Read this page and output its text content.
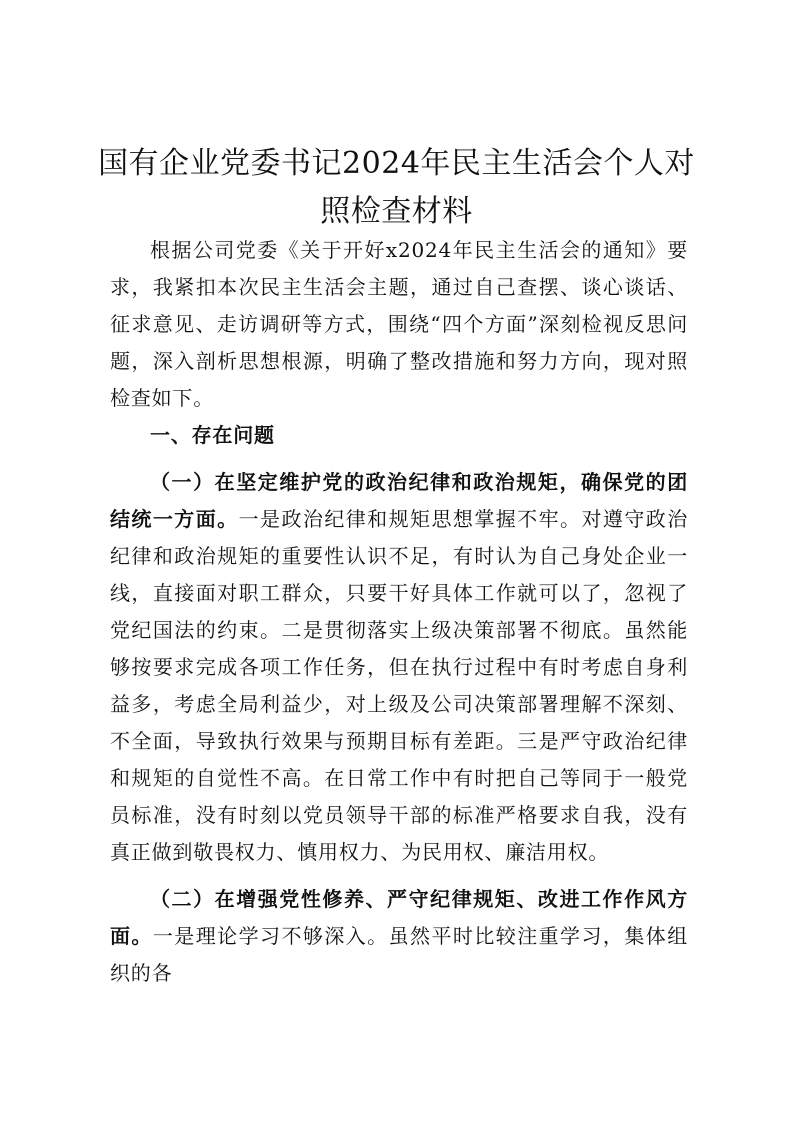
国有企业党委书记2024年民主生活会个人对
照检查材料

根据公司党委《关于开好x2024年民主生活会的通知》要求，我紧扣本次民主生活会主题，通过自己查摆、谈心谈话、征求意见、走访调研等方式，围绕“四个方面”深刻检视反思问题，深入剖析思想根源，明确了整改措施和努力方向，现对照检查如下。

一、存在问题

（一）在坚定维护党的政治纪律和政治规矩，确保党的团结统一方面。一是政治纪律和规矩思想掌握不牢。对遵守政治纪律和政治规矩的重要性认识不足，有时认为自己身处企业一线，直接面对职工群众，只要干好具体工作就可以了，忽视了党纪国法的约束。二是贯彻落实上级决策部署不彻底。虽然能够按要求完成各项工作任务，但在执行过程中有时考虑自身利益多，考虑全局利益少，对上级及公司决策部署理解不深刻、不全面，导致执行效果与预期目标有差距。三是严守政治纪律和规矩的自觉性不高。在日常工作中有时把自己等同于一般党员标准，没有时刻以党员领导干部的标准严格要求自我，没有真正做到敬畏权力、慎用权力、为民用权、廉洁用权。

（二）在增强党性修养、严守纪律规矩、改进工作作风方面。一是理论学习不够深入。虽然平时比较注重学习，集体组织的各
